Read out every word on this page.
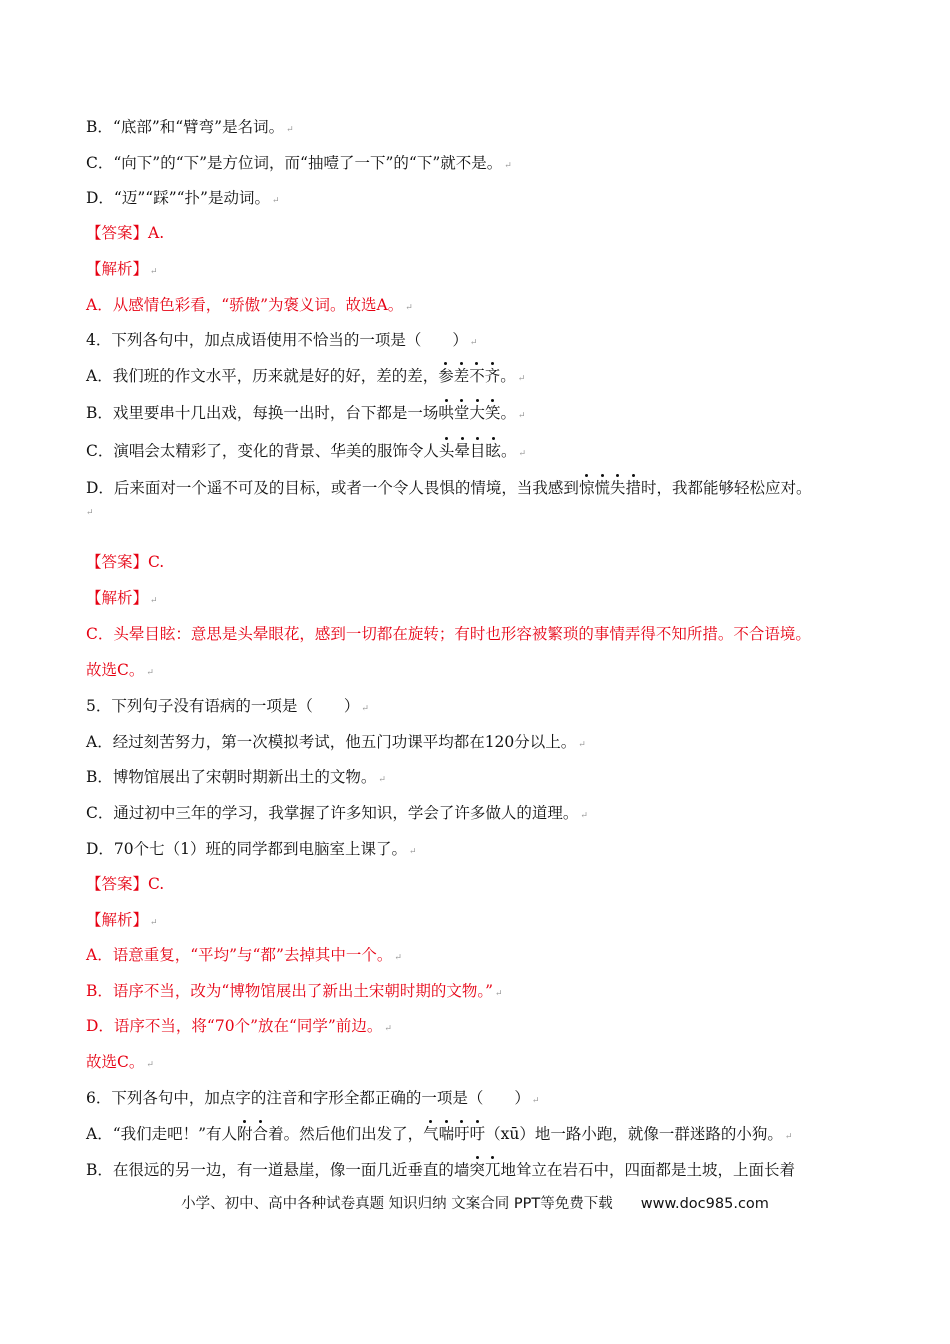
B．“底部”和“臂弯”是名词。 ↵
C．“向下”的“下”是方位词，而“抽噎了一下”的“下”就不是。 ↵
D．“迈”“踩”“扑”是动词。 ↵
【答案】A.
【解析】 ↵
A．从感情色彩看，“骄傲”为褒义词。故选A。 ↵
4．下列各句中，加点成语使用不恰当的一项是（　　） ↵
A．我们班的作文水平，历来就是好的好，差的差，参差不齐。 ↵
B．戏里要串十几出戏，每换一出时，台下都是一场哄堂大笑。 ↵
C．演唱会太精彩了，变化的背景、华美的服饰令人头晕目眩。 ↵
D．后来面对一个遥不可及的目标，或者一个令人畏惧的情境，当我感到惊慌失措时，我都能够轻松应对。
↵
【答案】C.
【解析】 ↵
C．头晕目眩：意思是头晕眼花，感到一切都在旋转；有时也形容被繁琐的事情弄得不知所措。不合语境。
故选C。 ↵
5．下列句子没有语病的一项是（　　） ↵
A．经过刻苦努力，第一次模拟考试，他五门功课平均都在120分以上。 ↵
B．博物馆展出了宋朝时期新出土的文物。 ↵
C．通过初中三年的学习，我掌握了许多知识，学会了许多做人的道理。 ↵
D．70个七（1）班的同学都到电脑室上课了。 ↵
【答案】C.
【解析】 ↵
A．语意重复，“平均”与“都”去掉其中一个。 ↵
B．语序不当，改为“博物馆展出了新出土宋朝时期的文物。” ↵
D．语序不当，将“70个”放在“同学”前边。 ↵
故选C。 ↵
6．下列各句中，加点字的注音和字形全都正确的一项是（　　） ↵
A．“我们走吧！”有人附合着。然后他们出发了，气喘吁吁（xū）地一路小跑，就像一群迷路的小狗。 ↵
B．在很远的另一边，有一道悬崖，像一面几近垂直的墙突兀地耸立在岩石中，四面都是土坡，上面长着
小学、初中、高中各种试卷真题 知识归纳 文案合同 PPT等免费下载 www.doc985.com
